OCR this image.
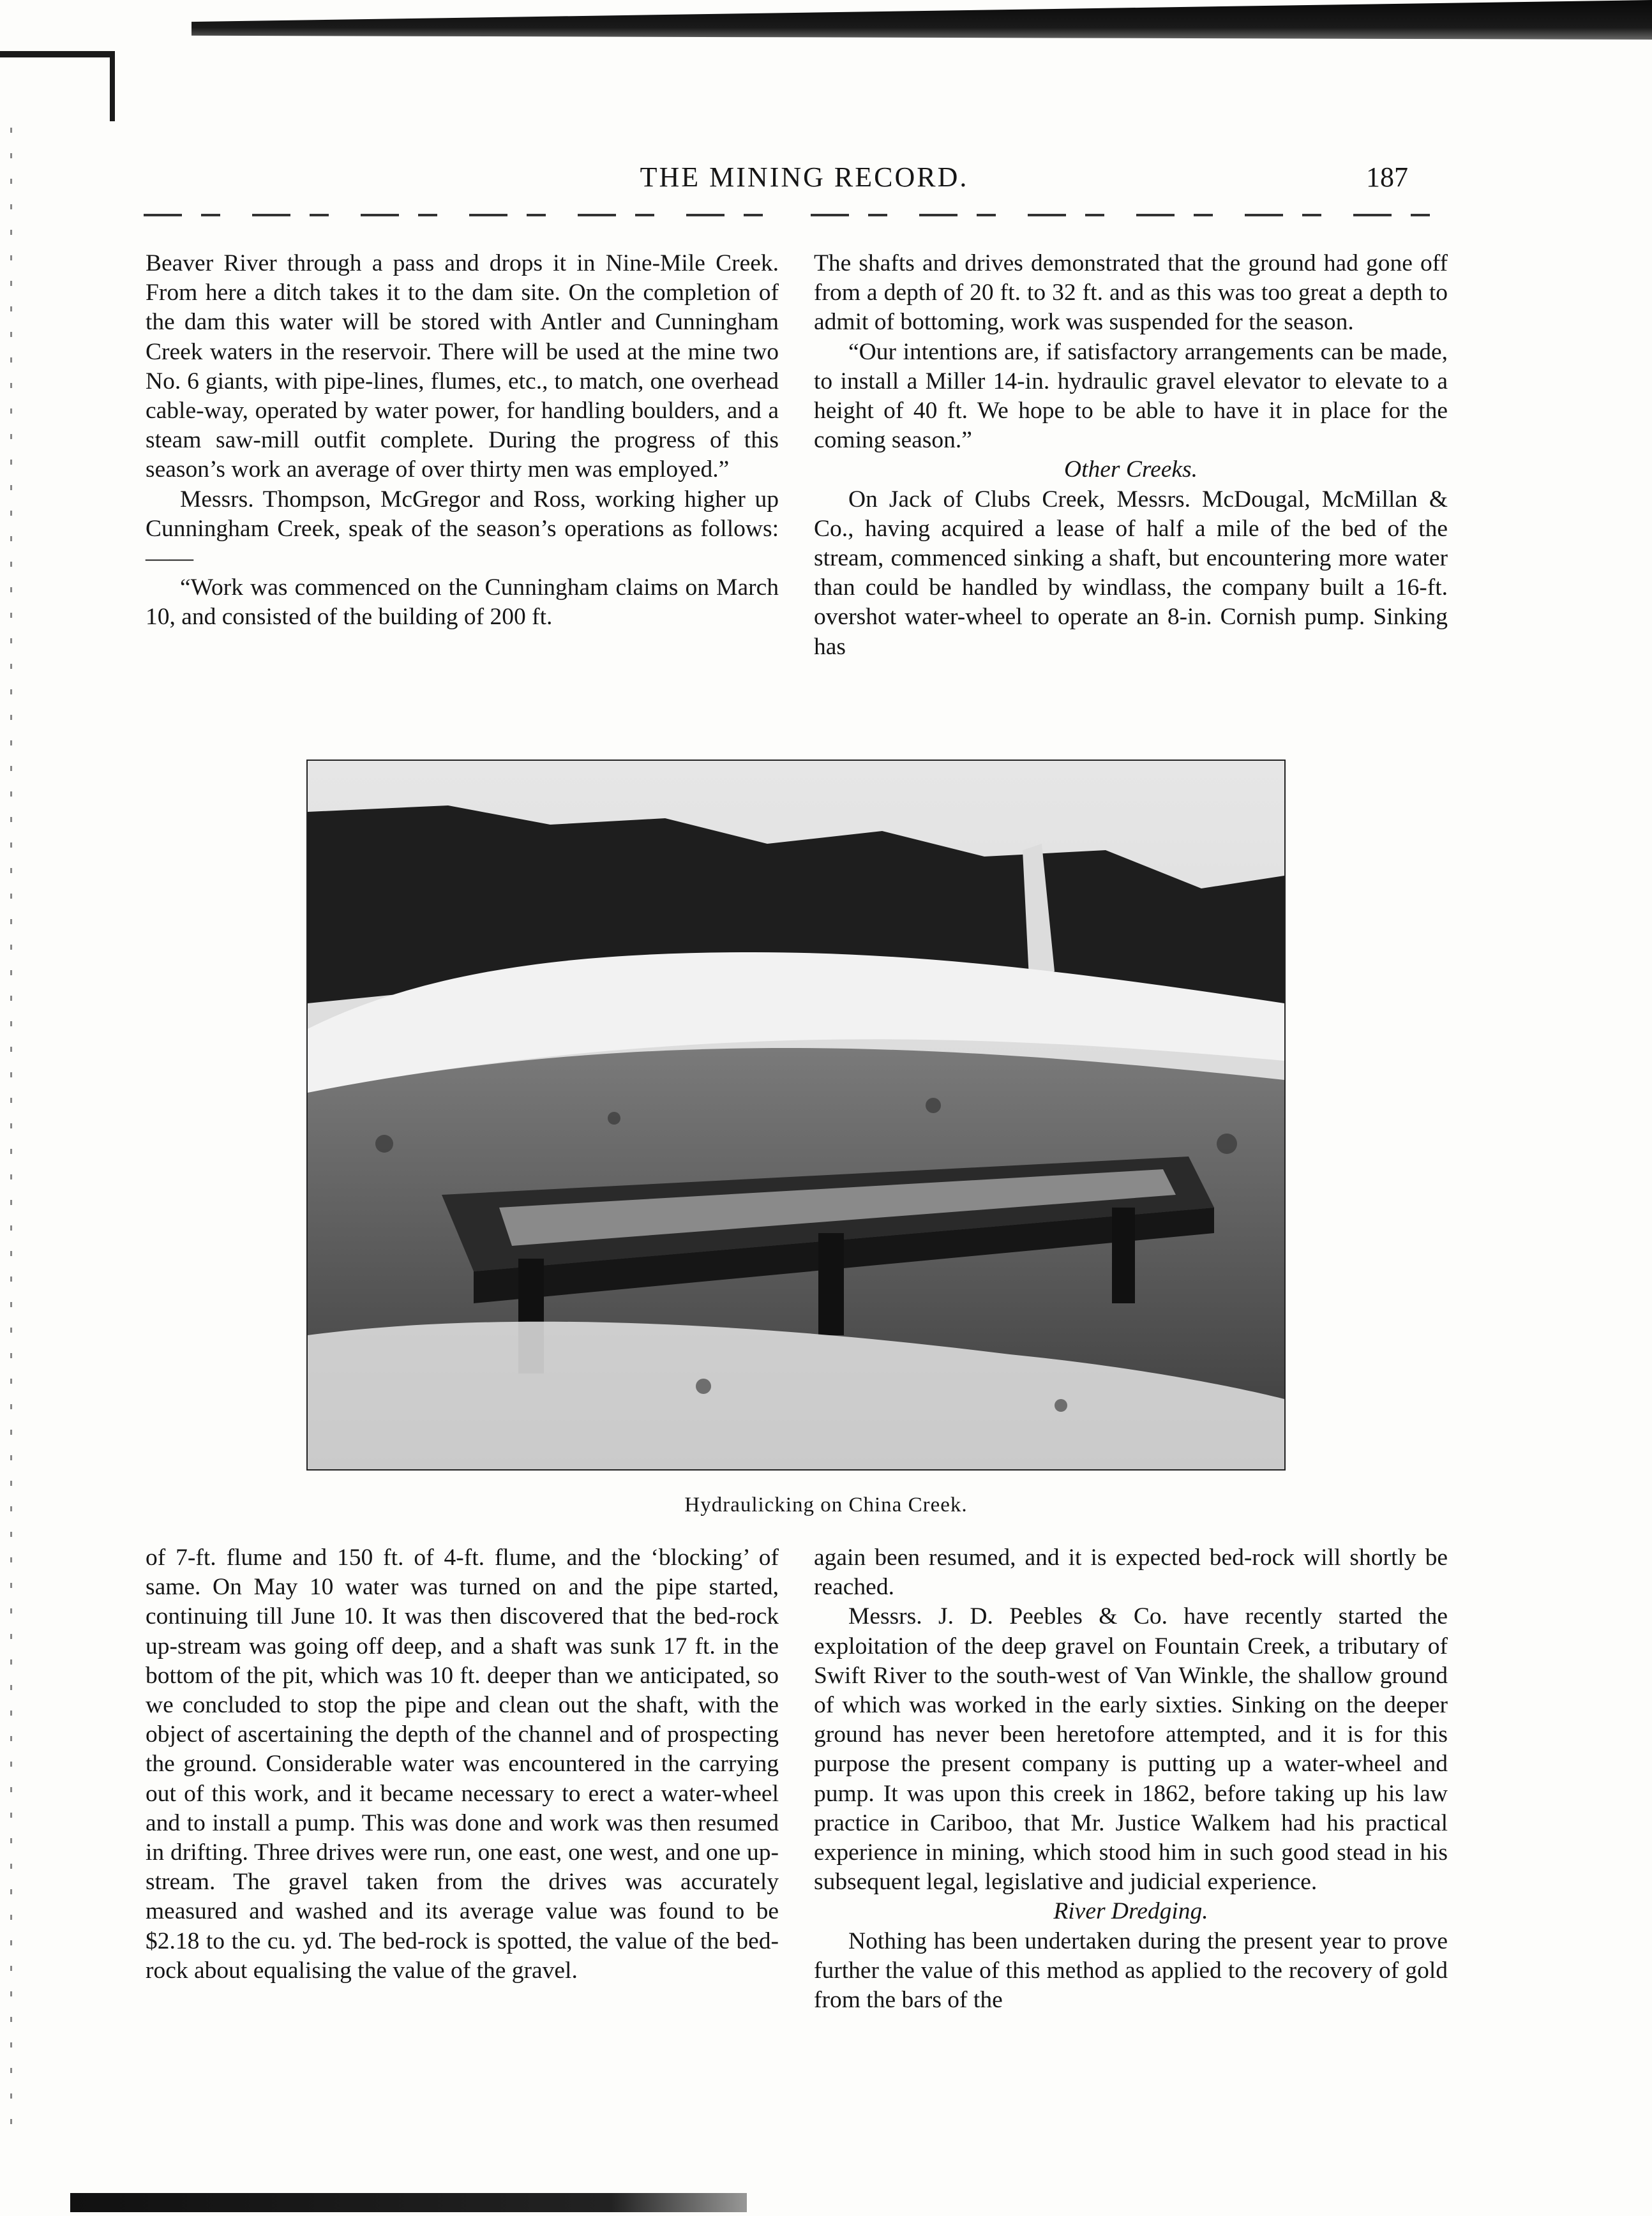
THE MINING RECORD.	187

Beaver River through a pass and drops it in Nine-Mile Creek. From here a ditch takes it to the dam site. On the completion of the dam this water will be stored with Antler and Cunningham Creek waters in the reservoir. There will be used at the mine two No. 6 giants, with pipe-lines, flumes, etc., to match, one overhead cable-way, operated by water power, for handling boulders, and a steam saw-mill outfit complete. During the progress of this season’s work an average of over thirty men was employed.”

Messrs. Thompson, McGregor and Ross, working higher up Cunningham Creek, speak of the season’s operations as follows:——

“Work was commenced on the Cunningham claims on March 10, and consisted of the building of 200 ft.

The shafts and drives demonstrated that the ground had gone off from a depth of 20 ft. to 32 ft. and as this was too great a depth to admit of bottoming, work was suspended for the season.

“Our intentions are, if satisfactory arrangements can be made, to install a Miller 14-in. hydraulic gravel elevator to elevate to a height of 40 ft. We hope to be able to have it in place for the coming season.”

Other Creeks.

On Jack of Clubs Creek, Messrs. McDougal, McMillan & Co., having acquired a lease of half a mile of the bed of the stream, commenced sinking a shaft, but encountering more water than could be handled by windlass, the company built a 16-ft. overshot water-wheel to operate an 8-in. Cornish pump. Sinking has

Hydraulicking on China Creek.

of 7-ft. flume and 150 ft. of 4-ft. flume, and the ‘blocking’ of same. On May 10 water was turned on and the pipe started, continuing till June 10. It was then discovered that the bed-rock up-stream was going off deep, and a shaft was sunk 17 ft. in the bottom of the pit, which was 10 ft. deeper than we anticipated, so we concluded to stop the pipe and clean out the shaft, with the object of ascertaining the depth of the channel and of prospecting the ground. Considerable water was encountered in the carrying out of this work, and it became necessary to erect a water-wheel and to install a pump. This was done and work was then resumed in drifting. Three drives were run, one east, one west, and one up-stream. The gravel taken from the drives was accurately measured and washed and its average value was found to be $2.18 to the cu. yd. The bed-rock is spotted, the value of the bed-rock about equalising the value of the gravel.

again been resumed, and it is expected bed-rock will shortly be reached.

Messrs. J. D. Peebles & Co. have recently started the exploitation of the deep gravel on Fountain Creek, a tributary of Swift River to the south-west of Van Winkle, the shallow ground of which was worked in the early sixties. Sinking on the deeper ground has never been heretofore attempted, and it is for this purpose the present company is putting up a water-wheel and pump. It was upon this creek in 1862, before taking up his law practice in Cariboo, that Mr. Justice Walkem had his practical experience in mining, which stood him in such good stead in his subsequent legal, legislative and judicial experience.

River Dredging.

Nothing has been undertaken during the present year to prove further the value of this method as applied to the recovery of gold from the bars of the
